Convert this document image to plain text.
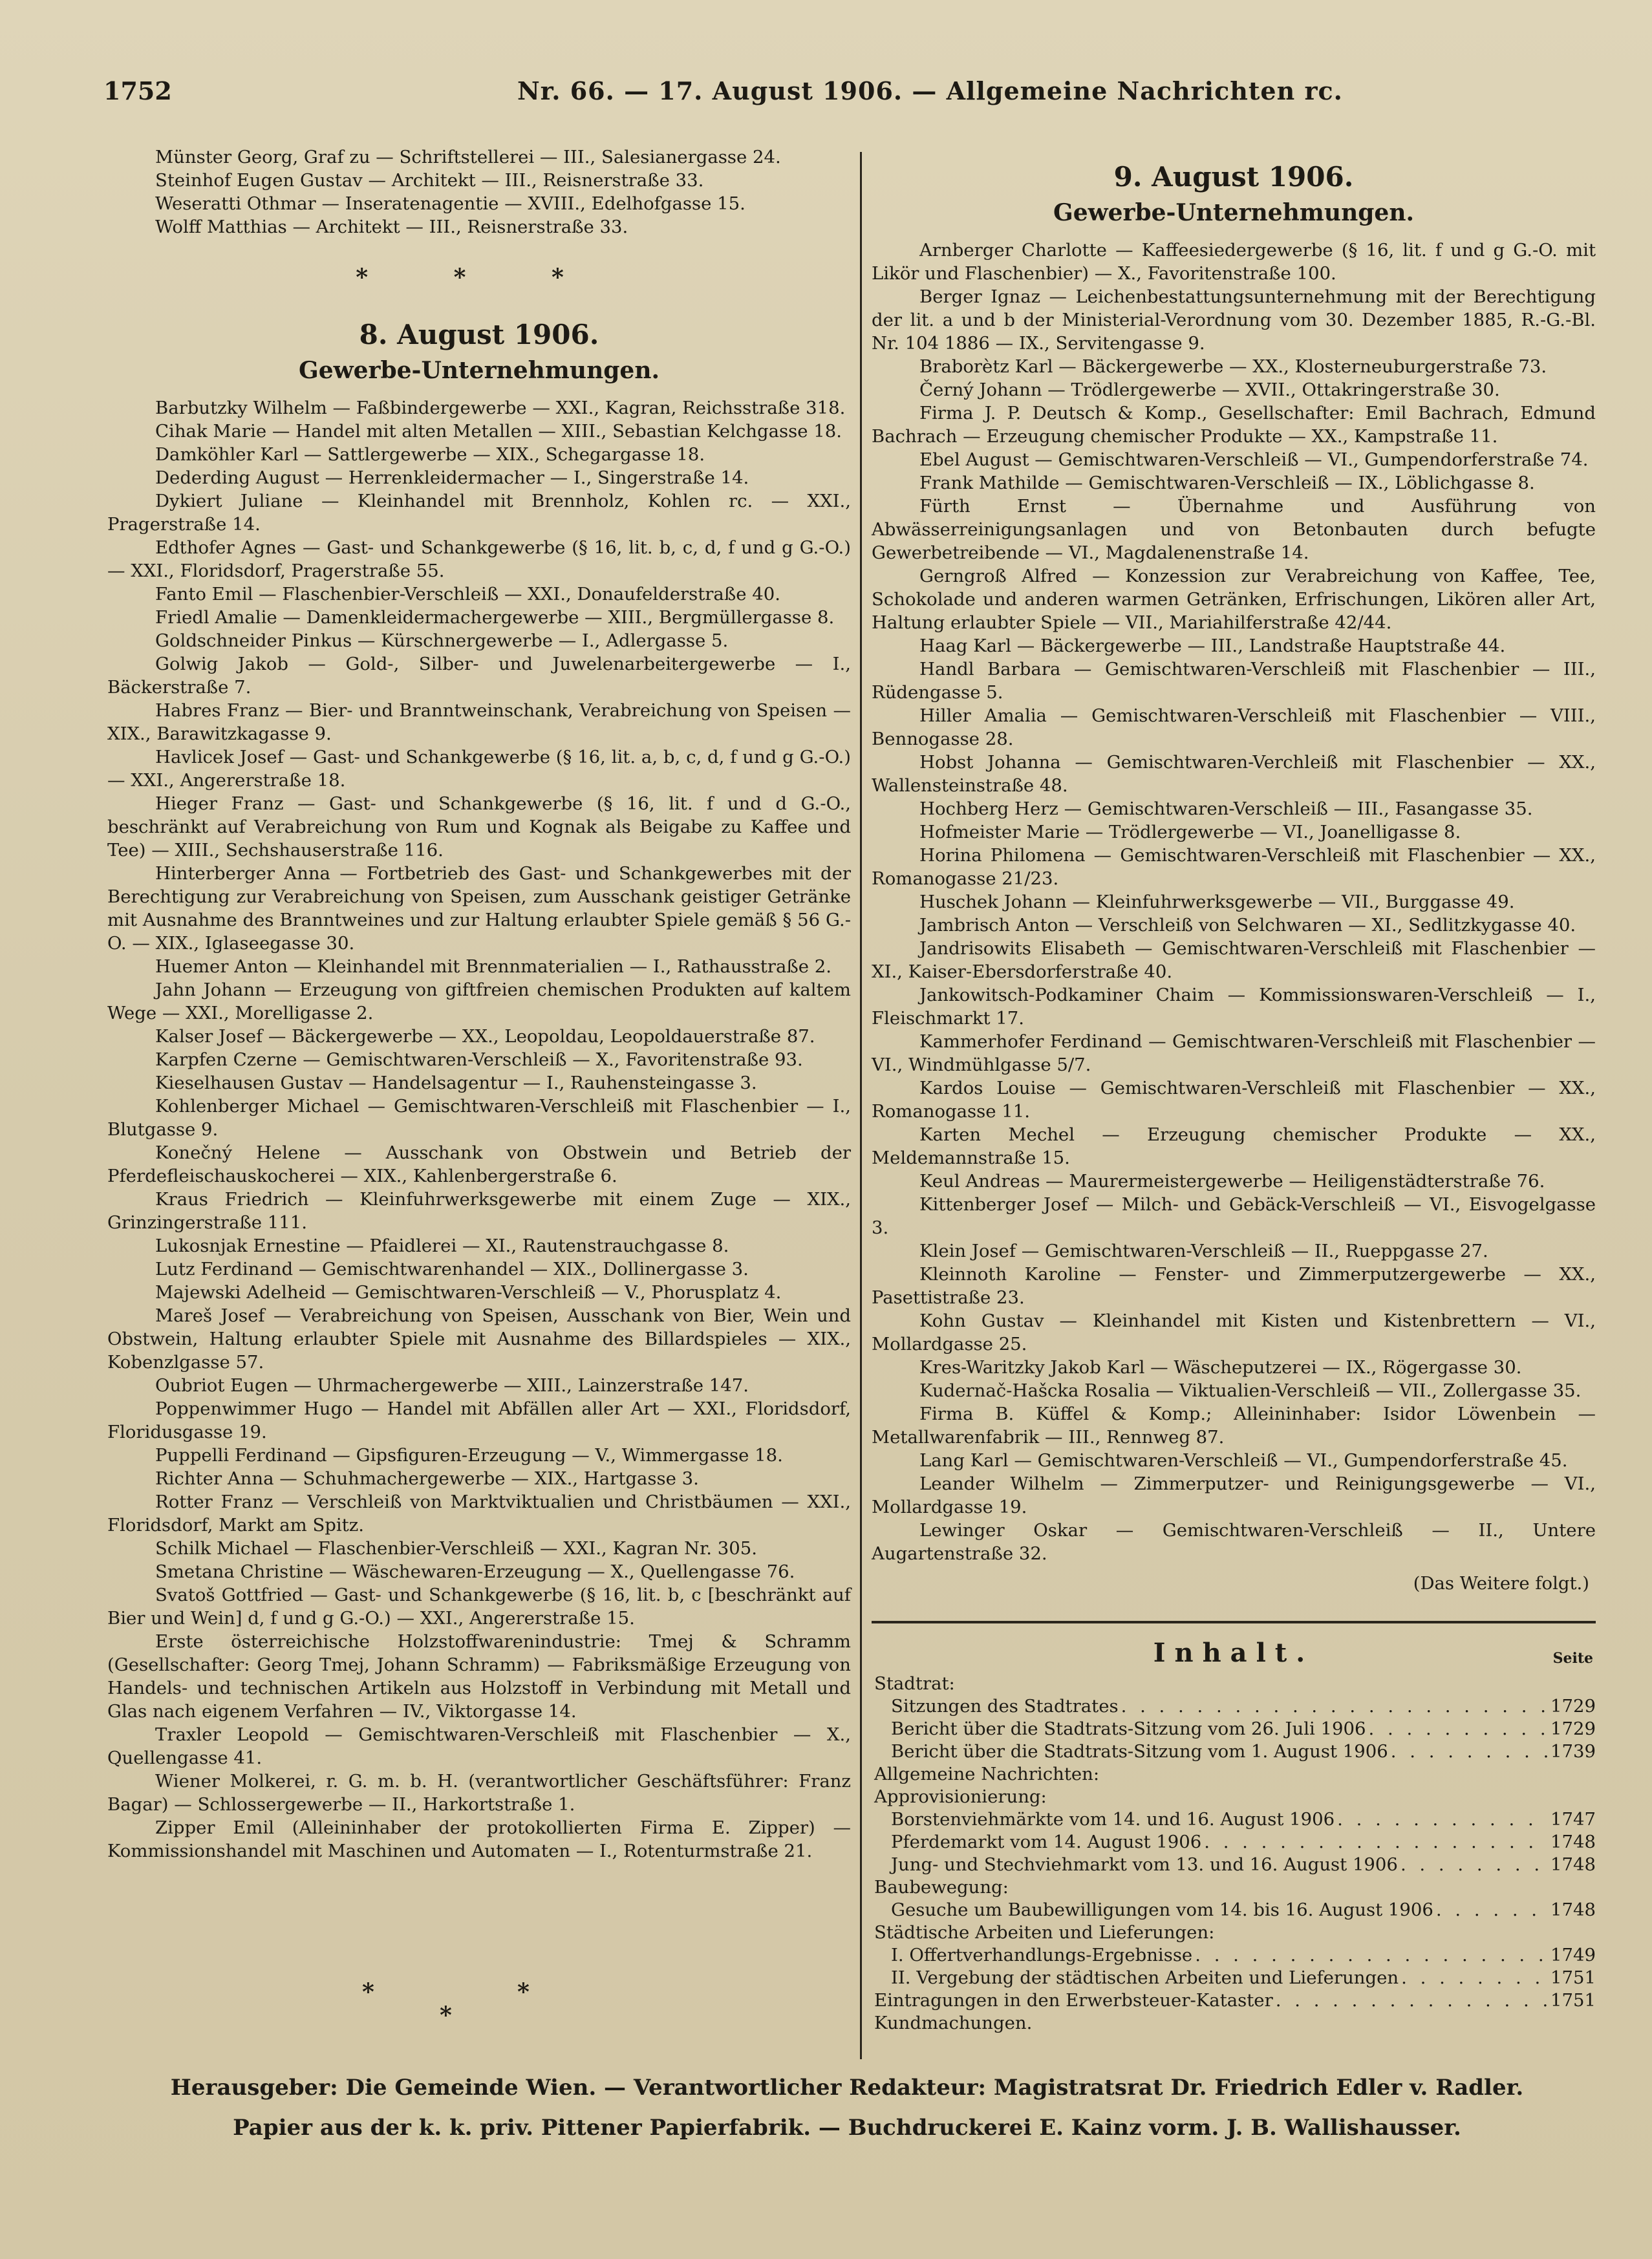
1752	Nr. 66. — 17. August 1906. — Allgemeine Nachrichten rc.

Münster Georg, Graf zu — Schriftstellerei — III., Salesianergasse 24.

Steinhof Eugen Gustav — Architekt — III., Reisnerstraße 33.

Weseratti Othmar — Inseratenagentie — XVIII., Edelhofgasse 15.

Wolff Matthias — Architekt — III., Reisnerstraße 33.

* * *

8. August 1906.

Gewerbe-Unternehmungen.

Barbutzky Wilhelm — Faßbindergewerbe — XXI., Kagran, Reichsstraße 318.

Cihak Marie — Handel mit alten Metallen — XIII., Sebastian Kelchgasse 18.

Damköhler Karl — Sattlergewerbe — XIX., Schegargasse 18.

Dederding August — Herrenkleidermacher — I., Singerstraße 14.

Dykiert Juliane — Kleinhandel mit Brennholz, Kohlen rc. — XXI., Pragerstraße 14.

Edthofer Agnes — Gast- und Schankgewerbe (§ 16, lit. b, c, d, f und g G.-O.) — XXI., Floridsdorf, Pragerstraße 55.

Fanto Emil — Flaschenbier-Verschleiß — XXI., Donaufelderstraße 40.

Friedl Amalie — Damenkleidermachergewerbe — XIII., Bergmüllergasse 8.

Goldschneider Pinkus — Kürschnergewerbe — I., Adlergasse 5.

Golwig Jakob — Gold-, Silber- und Juwelenarbeitergewerbe — I., Bäckerstraße 7.

Habres Franz — Bier- und Branntweinschank, Verabreichung von Speisen — XIX., Barawitzkagasse 9.

Havlicek Josef — Gast- und Schankgewerbe (§ 16, lit. a, b, c, d, f und g G.-O.) — XXI., Angererstraße 18.

Hieger Franz — Gast- und Schankgewerbe (§ 16, lit. f und d G.-O., beschränkt auf Verabreichung von Rum und Kognak als Beigabe zu Kaffee und Tee) — XIII., Sechshauserstraße 116.

Hinterberger Anna — Fortbetrieb des Gast- und Schankgewerbes mit der Berechtigung zur Verabreichung von Speisen, zum Ausschank geistiger Getränke mit Ausnahme des Branntweines und zur Haltung erlaubter Spiele gemäß § 56 G.-O. — XIX., Iglaseegasse 30.

Huemer Anton — Kleinhandel mit Brennmaterialien — I., Rathausstraße 2.

Jahn Johann — Erzeugung von giftfreien chemischen Produkten auf kaltem Wege — XXI., Morelligasse 2.

Kalser Josef — Bäckergewerbe — XX., Leopoldau, Leopoldauerstraße 87.

Karpfen Czerne — Gemischtwaren-Verschleiß — X., Favoritenstraße 93.

Kieselhausen Gustav — Handelsagentur — I., Rauhensteingasse 3.

Kohlenberger Michael — Gemischtwaren-Verschleiß mit Flaschenbier — I., Blutgasse 9.

Konečný Helene — Ausschank von Obstwein und Betrieb der Pferdefleischauskocherei — XIX., Kahlenbergerstraße 6.

Kraus Friedrich — Kleinfuhrwerksgewerbe mit einem Zuge — XIX., Grinzingerstraße 111.

Lukosnjak Ernestine — Pfaidlerei — XI., Rautenstrauchgasse 8.

Lutz Ferdinand — Gemischtwarenhandel — XIX., Dollinergasse 3.

Majewski Adelheid — Gemischtwaren-Verschleiß — V., Phorusplatz 4.

Mareš Josef — Verabreichung von Speisen, Ausschank von Bier, Wein und Obstwein, Haltung erlaubter Spiele mit Ausnahme des Billardspieles — XIX., Kobenzlgasse 57.

Oubriot Eugen — Uhrmachergewerbe — XIII., Lainzerstraße 147.

Poppenwimmer Hugo — Handel mit Abfällen aller Art — XXI., Floridsdorf, Floridusgasse 19.

Puppelli Ferdinand — Gipsfiguren-Erzeugung — V., Wimmergasse 18.

Richter Anna — Schuhmachergewerbe — XIX., Hartgasse 3.

Rotter Franz — Verschleiß von Marktviktualien und Christbäumen — XXI., Floridsdorf, Markt am Spitz.

Schilk Michael — Flaschenbier-Verschleiß — XXI., Kagran Nr. 305.

Smetana Christine — Wäschewaren-Erzeugung — X., Quellengasse 76.

Svatoš Gottfried — Gast- und Schankgewerbe (§ 16, lit. b, c [beschränkt auf Bier und Wein] d, f und g G.-O.) — XXI., Angererstraße 15.

Erste österreichische Holzstoffwarenindustrie: Tmej & Schramm (Gesellschafter: Georg Tmej, Johann Schramm) — Fabriksmäßige Erzeugung von Handels- und technischen Artikeln aus Holzstoff in Verbindung mit Metall und Glas nach eigenem Verfahren — IV., Viktorgasse 14.

Traxler Leopold — Gemischtwaren-Verschleiß mit Flaschenbier — X., Quellengasse 41.

Wiener Molkerei, r. G. m. b. H. (verantwortlicher Geschäftsführer: Franz Bagar) — Schlossergewerbe — II., Harkortstraße 1.

Zipper Emil (Alleininhaber der protokollierten Firma E. Zipper) — Kommissionshandel mit Maschinen und Automaten — I., Rotenturmstraße 21.

*	*
*

9. August 1906.

Gewerbe-Unternehmungen.

Arnberger Charlotte — Kaffeesiedergewerbe (§ 16, lit. f und g G.-O. mit Likör und Flaschenbier) — X., Favoritenstraße 100.

Berger Ignaz — Leichenbestattungsunternehmung mit der Berechtigung der lit. a und b der Ministerial-Verordnung vom 30. Dezember 1885, R.-G.-Bl. Nr. 104 1886 — IX., Servitengasse 9.

Braborètz Karl — Bäckergewerbe — XX., Klosterneuburgerstraße 73.

Černý Johann — Trödlergewerbe — XVII., Ottakringerstraße 30.

Firma J. P. Deutsch & Komp., Gesellschafter: Emil Bachrach, Edmund Bachrach — Erzeugung chemischer Produkte — XX., Kampstraße 11.

Ebel August — Gemischtwaren-Verschleiß — VI., Gumpendorferstraße 74.

Frank Mathilde — Gemischtwaren-Verschleiß — IX., Löblichgasse 8.

Fürth Ernst — Übernahme und Ausführung von Abwässerreinigungsanlagen und von Betonbauten durch befugte Gewerbetreibende — VI., Magdalenenstraße 14.

Gerngroß Alfred — Konzession zur Verabreichung von Kaffee, Tee, Schokolade und anderen warmen Getränken, Erfrischungen, Likören aller Art, Haltung erlaubter Spiele — VII., Mariahilferstraße 42/44.

Haag Karl — Bäckergewerbe — III., Landstraße Hauptstraße 44.

Handl Barbara — Gemischtwaren-Verschleiß mit Flaschenbier — III., Rüdengasse 5.

Hiller Amalia — Gemischtwaren-Verschleiß mit Flaschenbier — VIII., Bennogasse 28.

Hobst Johanna — Gemischtwaren-Verchleiß mit Flaschenbier — XX., Wallensteinstraße 48.

Hochberg Herz — Gemischtwaren-Verschleiß — III., Fasangasse 35.

Hofmeister Marie — Trödlergewerbe — VI., Joanelligasse 8.

Horina Philomena — Gemischtwaren-Verschleiß mit Flaschenbier — XX., Romanogasse 21/23.

Huschek Johann — Kleinfuhrwerksgewerbe — VII., Burggasse 49.

Jambrisch Anton — Verschleiß von Selchwaren — XI., Sedlitzkygasse 40.

Jandrisowits Elisabeth — Gemischtwaren-Verschleiß mit Flaschenbier — XI., Kaiser-Ebersdorferstraße 40.

Jankowitsch-Podkaminer Chaim — Kommissionswaren-Verschleiß — I., Fleischmarkt 17.

Kammerhofer Ferdinand — Gemischtwaren-Verschleiß mit Flaschenbier — VI., Windmühlgasse 5/7.

Kardos Louise — Gemischtwaren-Verschleiß mit Flaschenbier — XX., Romanogasse 11.

Karten Mechel — Erzeugung chemischer Produkte — XX., Meldemannstraße 15.

Keul Andreas — Maurermeistergewerbe — Heiligenstädterstraße 76.

Kittenberger Josef — Milch- und Gebäck-Verschleiß — VI., Eisvogelgasse 3.

Klein Josef — Gemischtwaren-Verschleiß — II., Rueppgasse 27.

Kleinnoth Karoline — Fenster- und Zimmerputzergewerbe — XX., Pasettistraße 23.

Kohn Gustav — Kleinhandel mit Kisten und Kistenbrettern — VI., Mollardgasse 25.

Kres-Waritzky Jakob Karl — Wäscheputzerei — IX., Rögergasse 30.

Kudernač-Hašcka Rosalia — Viktualien-Verschleiß — VII., Zollergasse 35.

Firma B. Küffel & Komp.; Alleininhaber: Isidor Löwenbein — Metallwarenfabrik — III., Rennweg 87.

Lang Karl — Gemischtwaren-Verschleiß — VI., Gumpendorferstraße 45.

Leander Wilhelm — Zimmerputzer- und Reinigungsgewerbe — VI., Mollardgasse 19.

Lewinger Oskar — Gemischtwaren-Verschleiß — II., Untere Augartenstraße 32.

(Das Weitere folgt.)
Inhalt.	Seite
Stadtrat:
Sitzungen des Stadtrates . . .	1729
Bericht über die Stadtrats-Sitzung vom 26. Juli 1906 . . .	1729
Bericht über die Stadtrats-Sitzung vom 1. August 1906 . . .	1739
Allgemeine Nachrichten:
Approvisionierung:
Borstenviehmärkte vom 14. und 16. August 1906 . . .	1747
Pferdemarkt vom 14. August 1906 . . .	1748
Jung- und Stechviehmarkt vom 13. und 16. August 1906 . . .	1748
Baubewegung:
Gesuche um Baubewilligungen vom 14. bis 16. August 1906 . . .	1748
Städtische Arbeiten und Lieferungen:
I. Offertverhandlungs-Ergebnisse . . .	1749
II. Vergebung der städtischen Arbeiten und Lieferungen . . .	1751
Eintragungen in den Erwerbsteuer-Kataster . . .	1751
Kundmachungen.
Herausgeber: Die Gemeinde Wien. — Verantwortlicher Redakteur: Magistratsrat Dr. Friedrich Edler v. Radler.
Papier aus der k. k. priv. Pittener Papierfabrik. — Buchdruckerei E. Kainz vorm. J. B. Wallishausser.
